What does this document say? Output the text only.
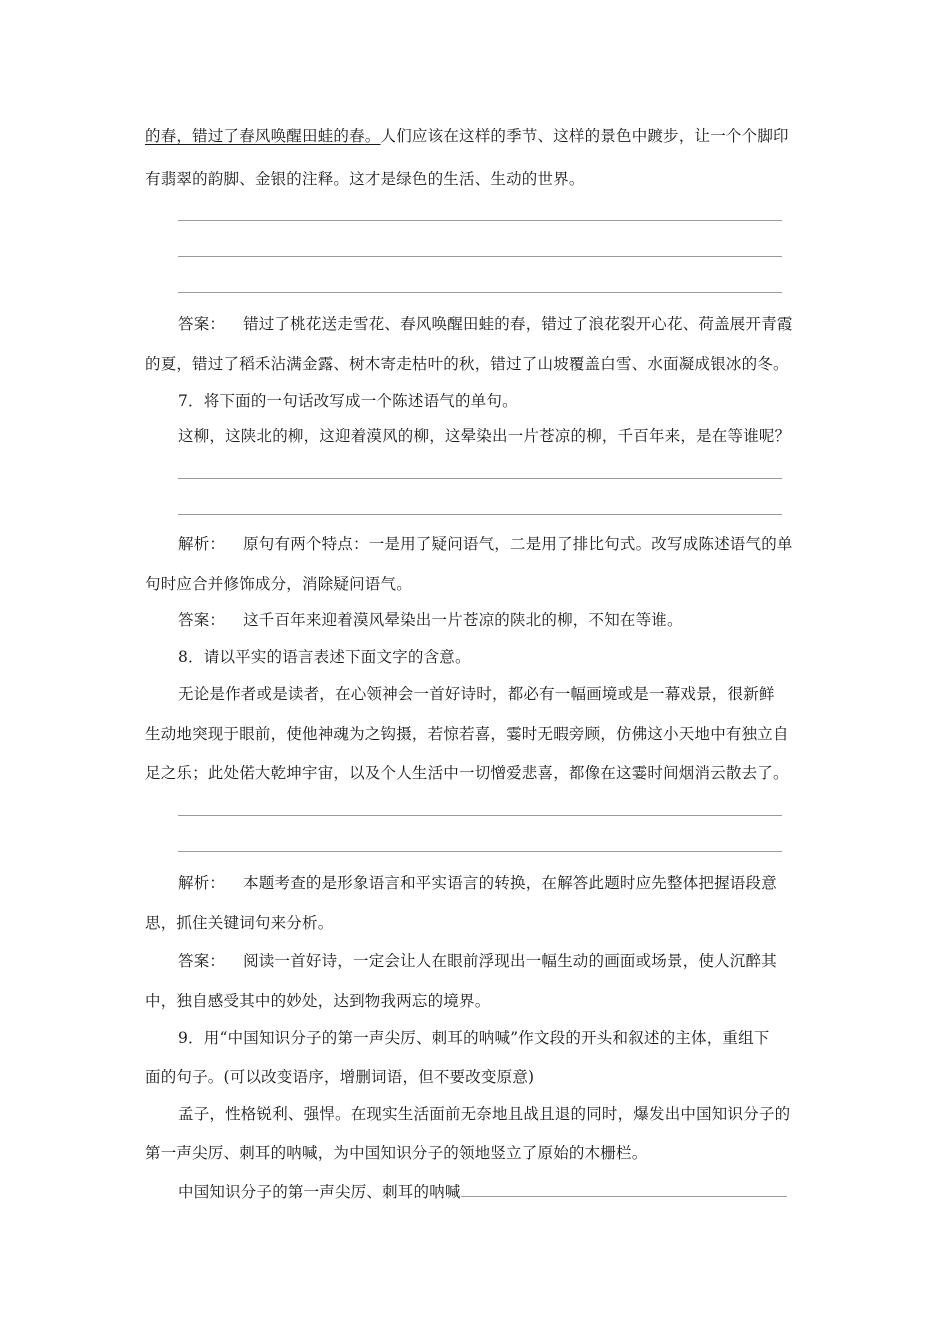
的春，错过了春风唤醒田蛙的春。人们应该在这样的季节、这样的景色中踱步，让一个个脚印
有翡翠的韵脚、金银的注释。这才是绿色的生活、生动的世界。
答案： 错过了桃花送走雪花、春风唤醒田蛙的春，错过了浪花裂开心花、荷盖展开青霞
的夏，错过了稻禾沾满金露、树木寄走枯叶的秋，错过了山坡覆盖白雪、水面凝成银冰的冬。
7．将下面的一句话改写成一个陈述语气的单句。
这柳，这陕北的柳，这迎着漠风的柳，这晕染出一片苍凉的柳，千百年来，是在等谁呢？
解析： 原句有两个特点：一是用了疑问语气，二是用了排比句式。改写成陈述语气的单
句时应合并修饰成分，消除疑问语气。
答案： 这千百年来迎着漠风晕染出一片苍凉的陕北的柳，不知在等谁。
8．请以平实的语言表述下面文字的含意。
无论是作者或是读者，在心领神会一首好诗时，都必有一幅画境或是一幕戏景，很新鲜
生动地突现于眼前，使他神魂为之钩摄，若惊若喜，霎时无暇旁顾，仿佛这小天地中有独立自
足之乐；此处偌大乾坤宇宙，以及个人生活中一切憎爱悲喜，都像在这霎时间烟消云散去了。
解析： 本题考查的是形象语言和平实语言的转换，在解答此题时应先整体把握语段意
思，抓住关键词句来分析。
答案： 阅读一首好诗，一定会让人在眼前浮现出一幅生动的画面或场景，使人沉醉其
中，独自感受其中的妙处，达到物我两忘的境界。
9．用“中国知识分子的第一声尖厉、刺耳的呐喊”作文段的开头和叙述的主体，重组下
面的句子。(可以改变语序，增删词语，但不要改变原意)
孟子，性格锐利、强悍。在现实生活面前无奈地且战且退的同时，爆发出中国知识分子的
第一声尖厉、刺耳的呐喊，为中国知识分子的领地竖立了原始的木栅栏。
中国知识分子的第一声尖厉、刺耳的呐喊
